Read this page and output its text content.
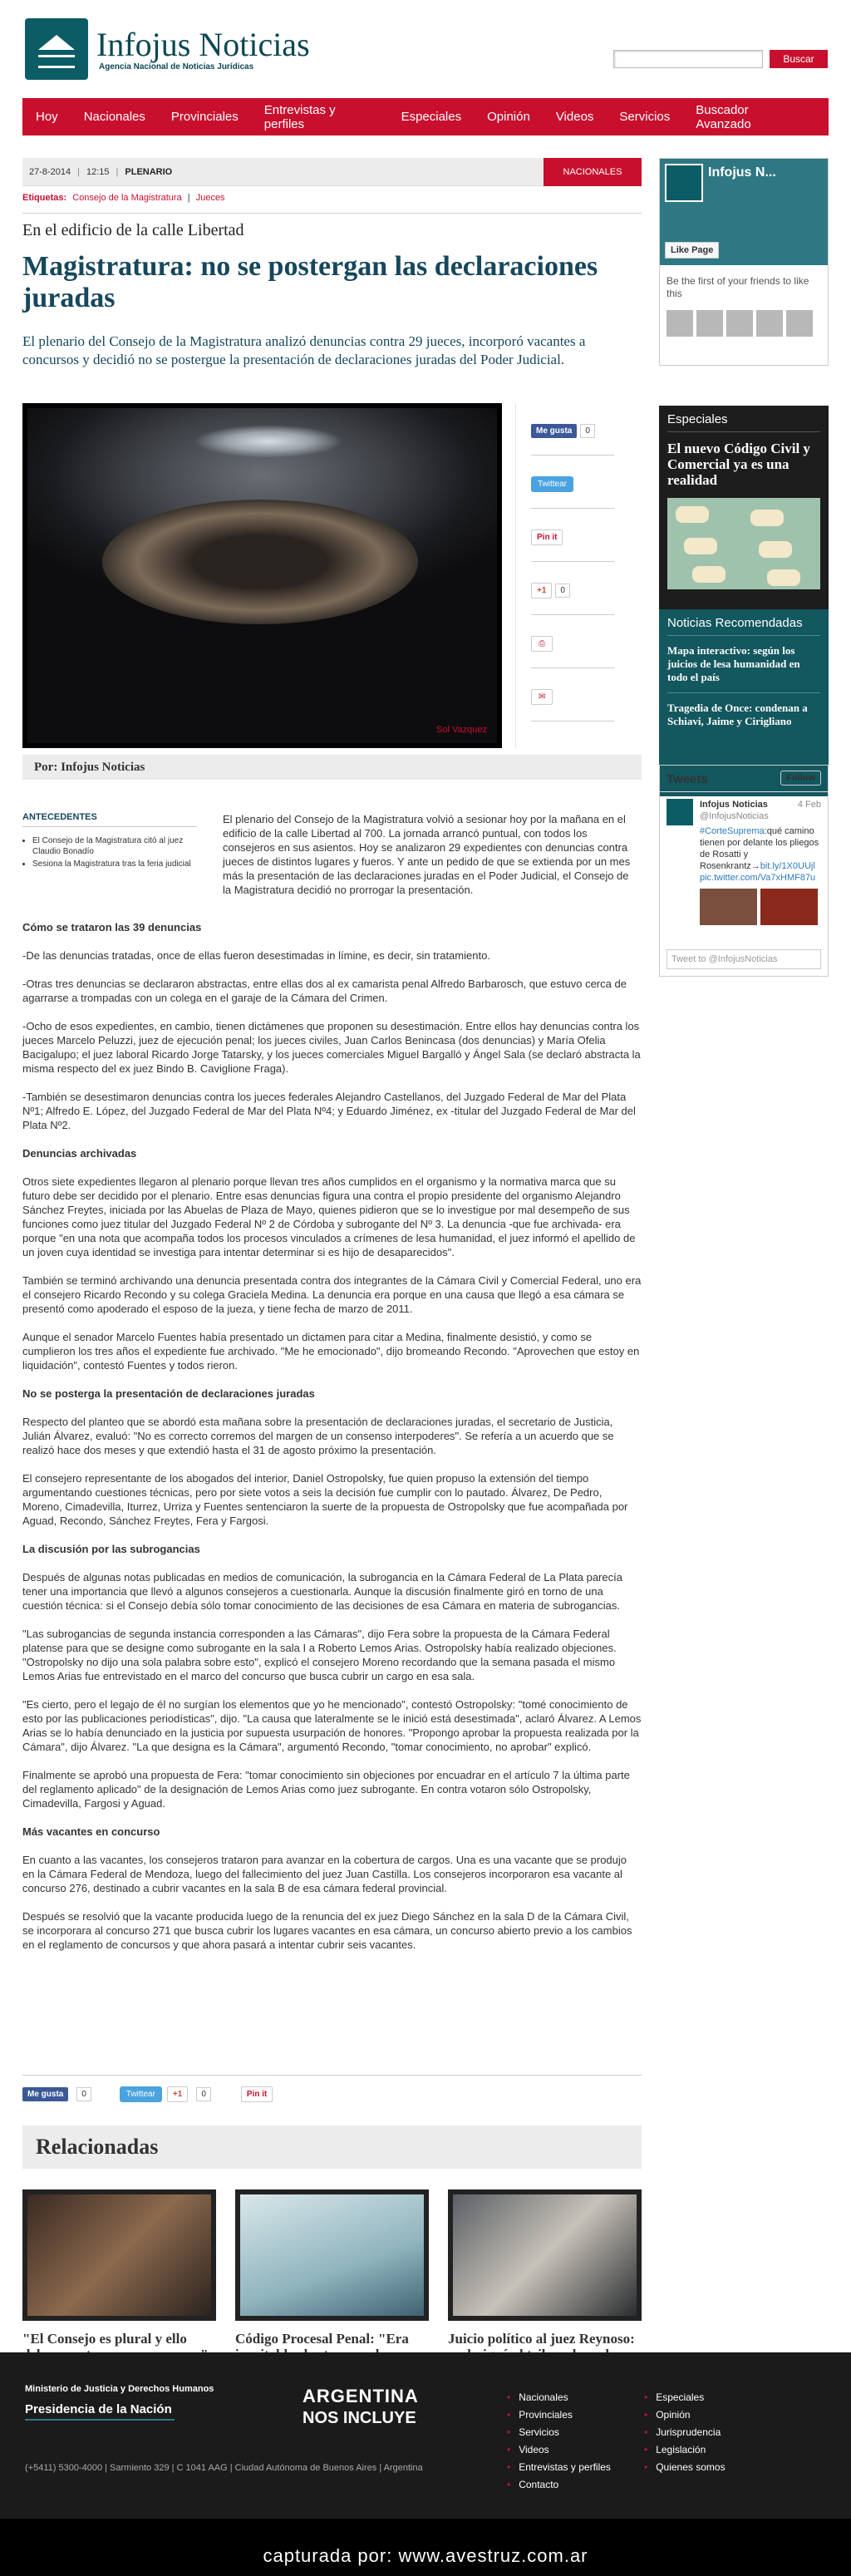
Infojus Noticias
Agencia Nacional de Noticias Jurídicas
Buscar
Hoy Nacionales Provinciales Entrevistas y perfiles	Especiales Opinión Videos Servicios Buscador Avanzado
27-8-2014 | 12:15 | PLENARIO	NACIONALES
Etiquetas: Consejo de la Magistratura | Jueces
En el edificio de la calle Libertad
Magistratura: no se postergan las declaraciones juradas
El plenario del Consejo de la Magistratura analizó denuncias contra 29 jueces, incorporó vacantes a concursos y decidió no se postergue la presentación de declaraciones juradas del Poder Judicial.
Sol Vazquez
Me gusta 0
Twittear
Pin it
+1 0
⎙
✉
Por: Infojus Noticias
ANTECEDENTES
• El Consejo de la Magistratura citó al juez Claudio Bonadío
• Sesiona la Magistratura tras la feria judicial
El plenario del Consejo de la Magistratura volvió a sesionar hoy por la mañana en el edificio de la calle Libertad al 700. La jornada arrancó puntual, con todos los consejeros en sus asientos. Hoy se analizaron 29 expedientes con denuncias contra jueces de distintos lugares y fueros. Y ante un pedido de que se extienda por un mes más la presentación de las declaraciones juradas en el Poder Judicial, el Consejo de la Magistratura decidió no prorrogar la presentación.
Cómo se trataron las 39 denuncias

-De las denuncias tratadas, once de ellas fueron desestimadas in límine, es decir, sin tratamiento.

-Otras tres denuncias se declararon abstractas, entre ellas dos al ex camarista penal Alfredo Barbarosch, que estuvo cerca de agarrarse a trompadas con un colega en el garaje de la Cámara del Crimen.

-Ocho de esos expedientes, en cambio, tienen dictámenes que proponen su desestimación. Entre ellos hay denuncias contra los jueces Marcelo Peluzzi, juez de ejecución penal; los jueces civiles, Juan Carlos Benincasa (dos denuncias) y María Ofelia Bacigalupo; el juez laboral Ricardo Jorge Tatarsky, y los jueces comerciales Miguel Bargalló y Ángel Sala (se declaró abstracta la misma respecto del ex juez Bindo B. Caviglione Fraga).

-También se desestimaron denuncias contra los jueces federales Alejandro Castellanos, del Juzgado Federal de Mar del Plata Nº1; Alfredo E. López, del Juzgado Federal de Mar del Plata Nº4; y Eduardo Jiménez, ex -titular del Juzgado Federal de Mar del Plata Nº2.

Denuncias archivadas

Otros siete expedientes llegaron al plenario porque llevan tres años cumplidos en el organismo y la normativa marca que su futuro debe ser decidido por el plenario. Entre esas denuncias figura una contra el propio presidente del organismo Alejandro Sánchez Freytes, iniciada por las Abuelas de Plaza de Mayo, quienes pidieron que se lo investigue por mal desempeño de sus funciones como juez titular del Juzgado Federal Nº 2 de Córdoba y subrogante del Nº 3. La denuncia -que fue archivada- era porque "en una nota que acompaña todos los procesos vinculados a crímenes de lesa humanidad, el juez informó el apellido de un joven cuya identidad se investiga para intentar determinar si es hijo de desaparecidos".

También se terminó archivando una denuncia presentada contra dos integrantes de la Cámara Civil y Comercial Federal, uno era el consejero Ricardo Recondo y su colega Graciela Medina. La denuncia era porque en una causa que llegó a esa cámara se presentó como apoderado el esposo de la jueza, y tiene fecha de marzo de 2011.

Aunque el senador Marcelo Fuentes había presentado un dictamen para citar a Medina, finalmente desistió, y como se cumplieron los tres años el expediente fue archivado. "Me he emocionado", dijo bromeando Recondo. "Aprovechen que estoy en liquidación", contestó Fuentes y todos rieron.

No se posterga la presentación de declaraciones juradas

Respecto del planteo que se abordó esta mañana sobre la presentación de declaraciones juradas, el secretario de Justicia, Julián Álvarez, evaluó: "No es correcto corremos del margen de un consenso interpoderes". Se refería a un acuerdo que se realizó hace dos meses y que extendió hasta el 31 de agosto próximo la presentación.

El consejero representante de los abogados del interior, Daniel Ostropolsky, fue quien propuso la extensión del tiempo argumentando cuestiones técnicas, pero por siete votos a seis la decisión fue cumplir con lo pautado. Álvarez, De Pedro, Moreno, Cimadevilla, Iturrez, Urriza y Fuentes sentenciaron la suerte de la propuesta de Ostropolsky que fue acompañada por Aguad, Recondo, Sánchez Freytes, Fera y Fargosi.

La discusión por las subrogancias

Después de algunas notas publicadas en medios de comunicación, la subrogancia en la Cámara Federal de La Plata parecía tener una importancia que llevó a algunos consejeros a cuestionarla. Aunque la discusión finalmente giró en torno de una cuestión técnica: si el Consejo debía sólo tomar conocimiento de las decisiones de esa Cámara en materia de subrogancias.

"Las subrogancias de segunda instancia corresponden a las Cámaras", dijo Fera sobre la propuesta de la Cámara Federal platense para que se designe como subrogante en la sala I a Roberto Lemos Arias. Ostropolsky había realizado objeciones. "Ostropolsky no dijo una sola palabra sobre esto", explicó el consejero Moreno recordando que la semana pasada el mismo Lemos Arias fue entrevistado en el marco del concurso que busca cubrir un cargo en esa sala.

"Es cierto, pero el legajo de él no surgían los elementos que yo he mencionado", contestó Ostropolsky: "tomé conocimiento de esto por las publicaciones periodísticas", dijo. "La causa que lateralmente se le inició está desestimada", aclaró Álvarez. A Lemos Arias se lo había denunciado en la justicia por supuesta usurpación de honores. "Propongo aprobar la propuesta realizada por la Cámara", dijo Álvarez. "La que designa es la Cámara", argumentó Recondo, "tomar conocimiento, no aprobar" explicó.

Finalmente se aprobó una propuesta de Fera: "tomar conocimiento sin objeciones por encuadrar en el artículo 7 la última parte del reglamento aplicado" de la designación de Lemos Arias como juez subrogante. En contra votaron sólo Ostropolsky, Cimadevilla, Fargosi y Aguad.

Más vacantes en concurso

En cuanto a las vacantes, los consejeros trataron para avanzar en la cobertura de cargos. Una es una vacante que se produjo en la Cámara Federal de Mendoza, luego del fallecimiento del juez Juan Castilla. Los consejeros incorporaron esa vacante al concurso 276, destinado a cubrir vacantes en la sala B de esa cámara federal provincial.

Después se resolvió que la vacante producida luego de la renuncia del ex juez Diego Sánchez en la sala D de la Cámara Civil, se incorporara al concurso 271 que busca cubrir los lugares vacantes en esa cámara, un concurso abierto previo a los cambios en el reglamento de concursos y que ahora pasará a intentar cubrir seis vacantes.

Me gusta	0	Twittear	+1	0	Pin it
Relacionadas
"El Consejo es plural y ello	Código Procesal Penal: "Era	Juicio político al juez Reynoso:
Infojus N...
Like Page
Be the first of your friends to like this
Especiales
El nuevo Código Civil y Comercial ya es una realidad
Noticias Recomendadas
Mapa interactivo: según los juicios de lesa humanidad en todo el país
Tragedia de Once: condenan a Schiavi, Jaime y Cirigliano
Tweets	Follow
4 Feb
Infojus Noticias
@InfojusNoticias
#CorteSuprema:qué camino tienen por delante los pliegos de Rosatti y Rosenkrantz→bit.ly/1X0UUjl pic.twitter.com/Va7xHMF87u
Tweet to @InfojusNoticias
Ministerio de Justicia y Derechos Humanos
Presidencia de la Nación
ARGENTINA
NOS INCLUYE
(+5411) 5300-4000 | Sarmiento 329 | C 1041 AAG | Ciudad Autónoma de Buenos Aires | Argentina
• Nacionales
• Provinciales
• Servicios
• Videos
• Entrevistas y perfiles
• Contacto
• Especiales
• Opinión
• Jurisprudencia
• Legislación
• Quienes somos
capturada por: www.avestruz.com.ar
